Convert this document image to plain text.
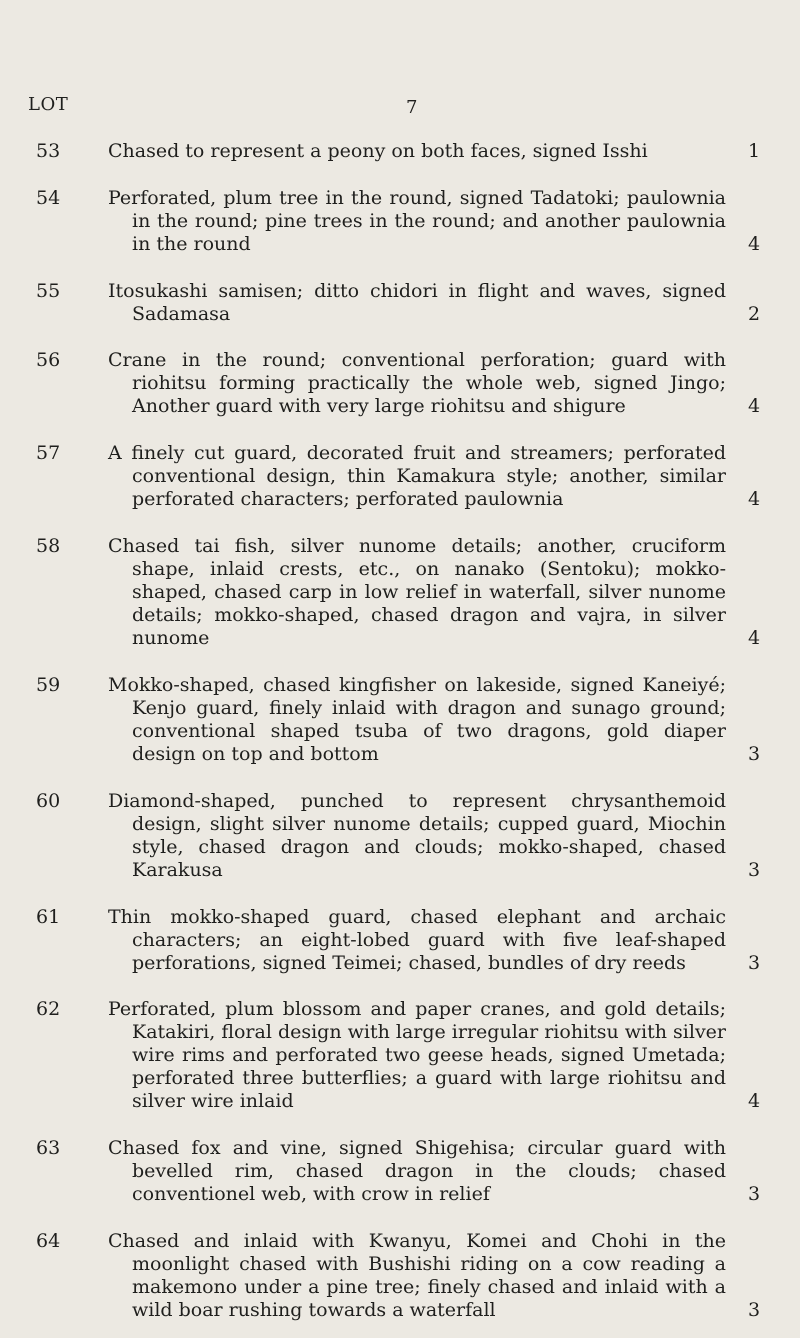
LOT	7
53	Chased to represent a peony on both faces, signed Isshi	1
54	Perforated, plum tree in the round, signed Tadatoki; paulownia in the round; pine trees in the round; and another paulownia in the round	4
55	Itosukashi samisen; ditto chidori in flight and waves, signed Sadamasa	2
56	Crane in the round; conventional perforation; guard with riohitsu forming practically the whole web, signed Jingo; Another guard with very large riohitsu and shigure	4
57	A finely cut guard, decorated fruit and streamers; perforated conventional design, thin Kamakura style; another, similar perforated characters; perforated paulownia	4
58	Chased tai fish, silver nunome details; another, cruciform shape, inlaid crests, etc., on nanako (Sentoku); mokko-shaped, chased carp in low relief in waterfall, silver nunome details; mokko-shaped, chased dragon and vajra, in silver nunome	4
59	Mokko-shaped, chased kingfisher on lakeside, signed Kaneiyé; Kenjo guard, finely inlaid with dragon and sunago ground; conventional shaped tsuba of two dragons, gold diaper design on top and bottom	3
60	Diamond-shaped, punched to represent chrysanthemoid design, slight silver nunome details; cupped guard, Miochin style, chased dragon and clouds; mokko-shaped, chased Karakusa	3
61	Thin mokko-shaped guard, chased elephant and archaic characters; an eight-lobed guard with five leaf-shaped perforations, signed Teimei; chased, bundles of dry reeds	3
62	Perforated, plum blossom and paper cranes, and gold details; Katakiri, floral design with large irregular riohitsu with silver wire rims and perforated two geese heads, signed Umetada; perforated three butterflies; a guard with large riohitsu and silver wire inlaid	4
63	Chased fox and vine, signed Shigehisa; circular guard with bevelled rim, chased dragon in the clouds; chased conventionel web, with crow in relief	3
64	Chased and inlaid with Kwanyu, Komei and Chohi in the moonlight chased with Bushishi riding on a cow reading a makemono under a pine tree; finely chased and inlaid with a wild boar rushing towards a waterfall	3
